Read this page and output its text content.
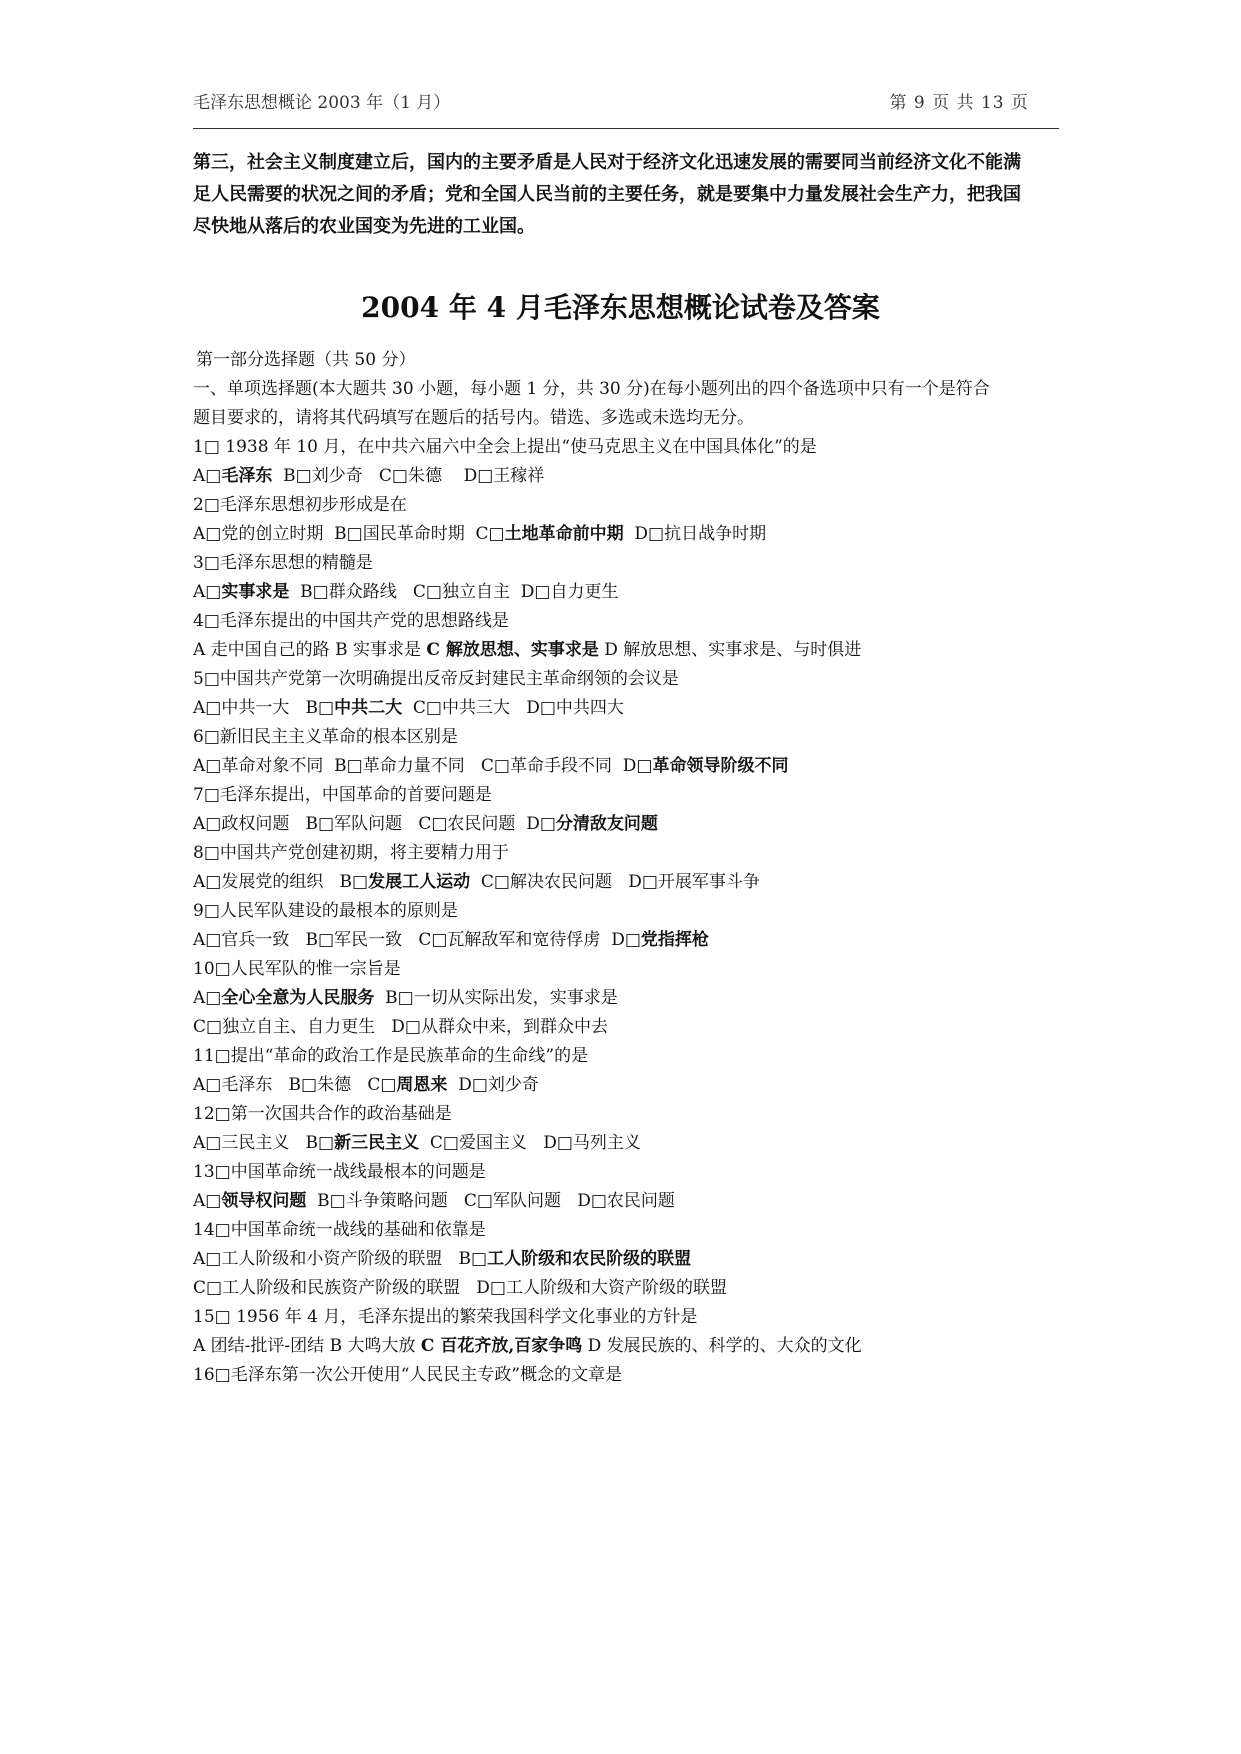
毛泽东思想概论 2003 年（1 月）	第 9 页 共 13 页
第三，社会主义制度建立后，国内的主要矛盾是人民对于经济文化迅速发展的需要同当前经济文化不能满
足人民需要的状况之间的矛盾；党和全国人民当前的主要任务，就是要集中力量发展社会生产力，把我国
尽快地从落后的农业国变为先进的工业国。
2004 年 4 月毛泽东思想概论试卷及答案
第一部分选择题（共 50 分）
一、单项选择题(本大题共 30 小题，每小题 1 分，共 30 分)在每小题列出的四个备选项中只有一个是符合
题目要求的，请将其代码填写在题后的括号内。错选、多选或未选均无分。
1□ 1938 年 10 月，在中共六届六中全会上提出“使马克思主义在中国具体化”的是
A□毛泽东  B□刘少奇   C□朱德    D□王稼祥
2□毛泽东思想初步形成是在
A□党的创立时期  B□国民革命时期  C□土地革命前中期  D□抗日战争时期
3□毛泽东思想的精髓是
A□实事求是  B□群众路线   C□独立自主  D□自力更生
4□毛泽东提出的中国共产党的思想路线是
A 走中国自己的路 B 实事求是 C 解放思想、实事求是 D 解放思想、实事求是、与时俱进
5□中国共产党第一次明确提出反帝反封建民主革命纲领的会议是
A□中共一大   B□中共二大  C□中共三大   D□中共四大
6□新旧民主主义革命的根本区别是
A□革命对象不同  B□革命力量不同   C□革命手段不同  D□革命领导阶级不同
7□毛泽东提出，中国革命的首要问题是
A□政权问题   B□军队问题   C□农民问题  D□分清敌友问题
8□中国共产党创建初期，将主要精力用于
A□发展党的组织   B□发展工人运动  C□解决农民问题   D□开展军事斗争
9□人民军队建设的最根本的原则是
A□官兵一致   B□军民一致   C□瓦解敌军和宽待俘虏  D□党指挥枪
10□人民军队的惟一宗旨是
A□全心全意为人民服务  B□一切从实际出发，实事求是
C□独立自主、自力更生   D□从群众中来，到群众中去
11□提出“革命的政治工作是民族革命的生命线”的是
A□毛泽东   B□朱德   C□周恩来  D□刘少奇
12□第一次国共合作的政治基础是
A□三民主义   B□新三民主义  C□爱国主义   D□马列主义
13□中国革命统一战线最根本的问题是
A□领导权问题  B□斗争策略问题   C□军队问题   D□农民问题
14□中国革命统一战线的基础和依靠是
A□工人阶级和小资产阶级的联盟   B□工人阶级和农民阶级的联盟
C□工人阶级和民族资产阶级的联盟   D□工人阶级和大资产阶级的联盟
15□ 1956 年 4 月，毛泽东提出的繁荣我国科学文化事业的方针是
A 团结-批评-团结 B 大鸣大放 C 百花齐放,百家争鸣 D 发展民族的、科学的、大众的文化
16□毛泽东第一次公开使用“人民民主专政”概念的文章是
